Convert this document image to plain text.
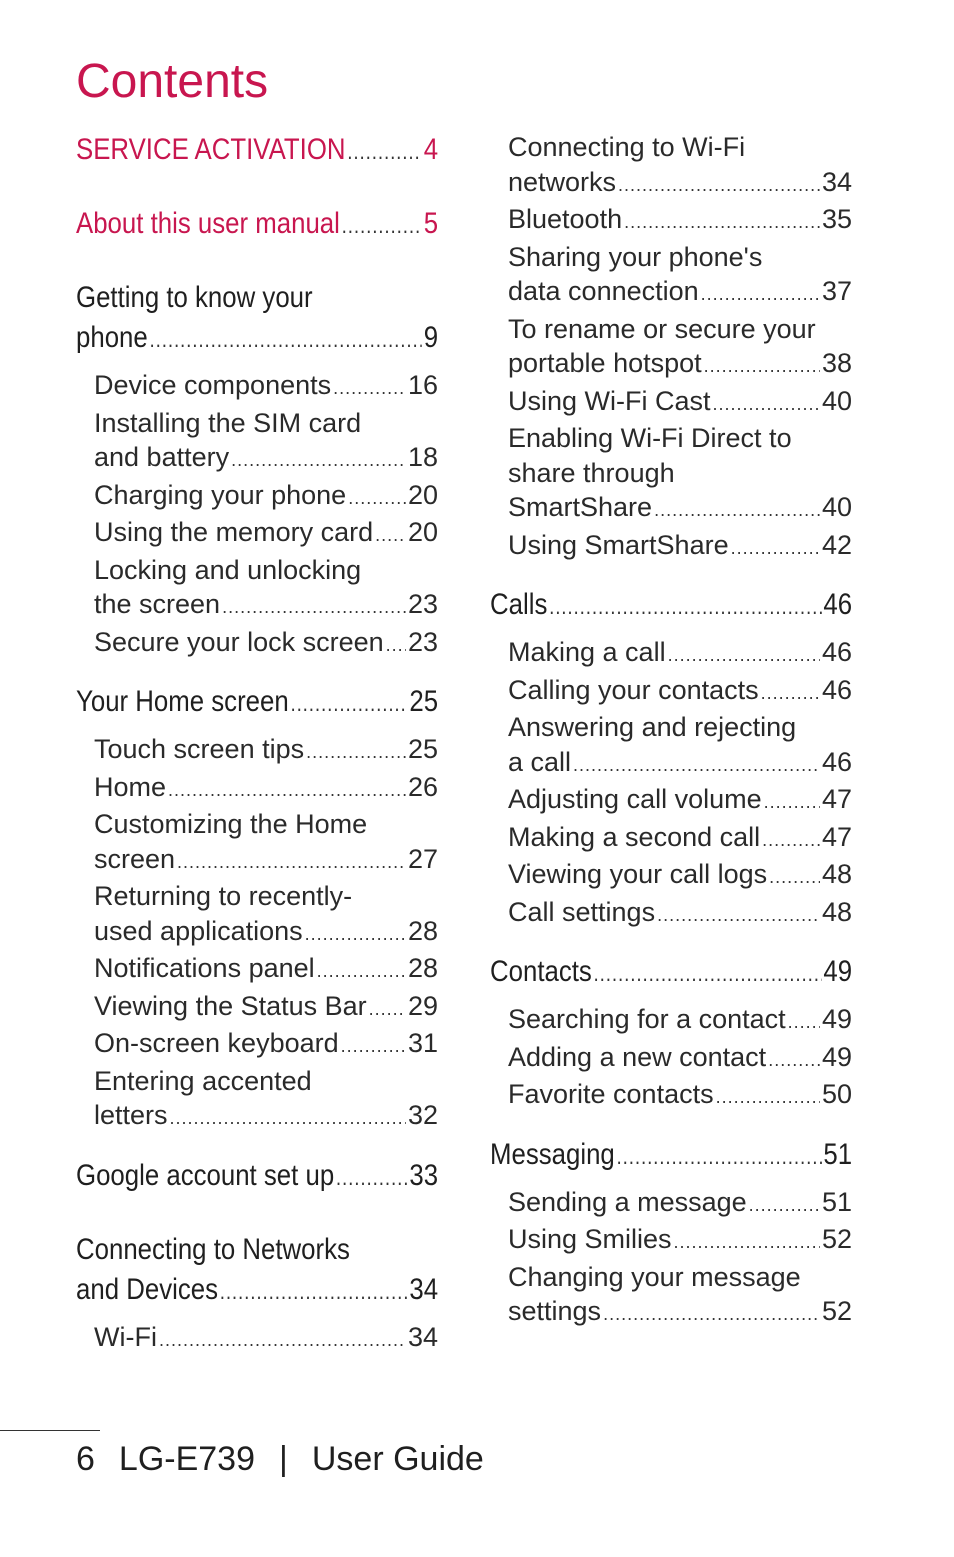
Contents
SERVICE ACTIVATION .....	4
About this user manual .....	5
Getting to know your
phone .....	9
Device components .....	16
Installing the SIM card
and battery .....	18
Charging your phone ..... 20
Using the memory card ..... 20
Locking and unlocking
the screen .....	23
Secure your lock screen ..... 23
Your Home screen .....	25
Touch screen tips .....	25
Home .....	26
Customizing the Home
screen .....	27
Returning to recently-
used applications .....	28
Notifications panel .....	28
Viewing the Status Bar ..... 29
On-screen keyboard .....	31
Entering accented
letters .....	32
Google account set up .....	33
Connecting to Networks
and Devices .....	34
Wi-Fi .....	34
Connecting to Wi-Fi
networks .....	34
Bluetooth .....	35
Sharing your phone's
data connection .....	37
To rename or secure your
portable hotspot .....	38
Using Wi-Fi Cast .....	40
Enabling Wi-Fi Direct to
share through
SmartShare .....	40
Using SmartShare .....	42
Calls .....	46
Making a call .....	46
Calling your contacts ..... 46
Answering and rejecting
a call .....	46
Adjusting call volume ..... 47
Making a second call ..... 47
Viewing your call logs ..... 48
Call settings .....	48
Contacts .....	49
Searching for a contact ..... 49
Adding a new contact ..... 49
Favorite contacts .....	50
Messaging .....	51
Sending a message .....	51
Using Smilies .....	52
Changing your message
settings .....	52
6 LG-E739 | User Guide
